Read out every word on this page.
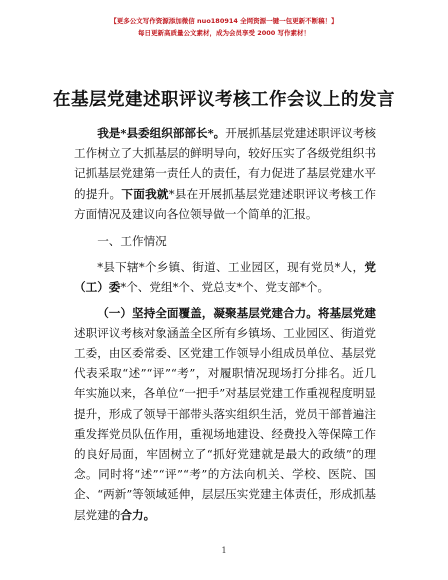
【更多公文写作资源添加微信 nuo180914 全网资源一键一包更新不断稿！】
每日更新高质量公文素材，成为会员享受 2000 写作素材！
在基层党建述职评议考核工作会议上的发言

我是*县委组织部部长*。开展抓基层党建述职评议考核工作树立了大抓基层的鲜明导向，较好压实了各级党组织书记抓基层党建第一责任人的责任，有力促进了基层党建水平的提升。下面我就*县在开展抓基层党建述职评议考核工作方面情况及建议向各位领导做一个简单的汇报。

一、工作情况

*县下辖*个乡镇、街道、工业园区，现有党员*人，党（工）委*个、党组*个、党总支*个、党支部*个。

（一）坚持全面覆盖，凝聚基层党建合力。将基层党建述职评议考核对象涵盖全区所有乡镇场、工业园区、街道党工委，由区委常委、区党建工作领导小组成员单位、基层党代表采取“述”“评”“考”，对履职情况现场打分排名。近几年实施以来，各单位“一把手”对基层党建工作重视程度明显提升，形成了领导干部带头落实组织生活，党员干部普遍注重发挥党员队伍作用，重视场地建设、经费投入等保障工作的良好局面，牢固树立了“抓好党建就是最大的政绩”的理念。同时将“述”“评”“考”的方法向机关、学校、医院、国企、“两新”等领域延伸，层层压实党建主体责任，形成抓基层党建的合力。

1
